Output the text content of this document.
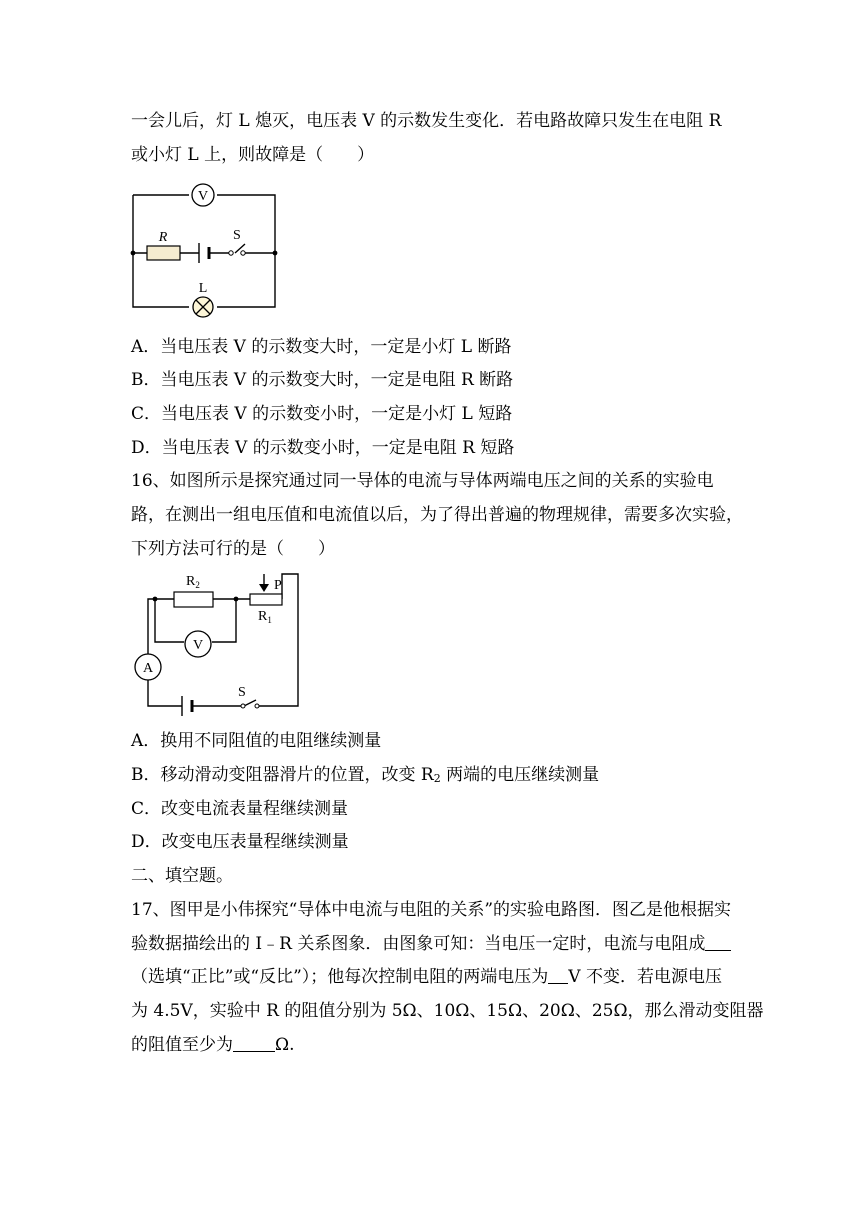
一会儿后，灯 L 熄灭，电压表 V 的示数发生变化．若电路故障只发生在电阻 R
或小灯 L 上，则故障是（　　）
V
R	S
L
A．当电压表 V 的示数变大时，一定是小灯 L 断路
B．当电压表 V 的示数变大时，一定是电阻 R 断路
C．当电压表 V 的示数变小时，一定是小灯 L 短路
D．当电压表 V 的示数变小时，一定是电阻 R 短路
16、如图所示是探究通过同一导体的电流与导体两端电压之间的关系的实验电
路，在测出一组电压值和电流值以后，为了得出普遍的物理规律，需要多次实验，
下列方法可行的是（　　）
$R_2$
$R_1$
P
V
A
S
A．换用不同阻值的电阻继续测量
B．移动滑动变阻器滑片的位置，改变 $R_2$ 两端的电压继续测量
C．改变电流表量程继续测量
D．改变电压表量程继续测量
二、填空题。
17、图甲是小伟探究“导体中电流与电阻的关系”的实验电路图．图乙是他根据实
验数据描绘出的 I﹣R 关系图象．由图象可知：当电压一定时，电流与电阻成
（选填“正比”或“反比”）；他每次控制电阻的两端电压为 V 不变．若电源电压
为 4.5V，实验中 R 的阻值分别为 5Ω、10Ω、15Ω、20Ω、25Ω，那么滑动变阻器
的阻值至少为 Ω.
